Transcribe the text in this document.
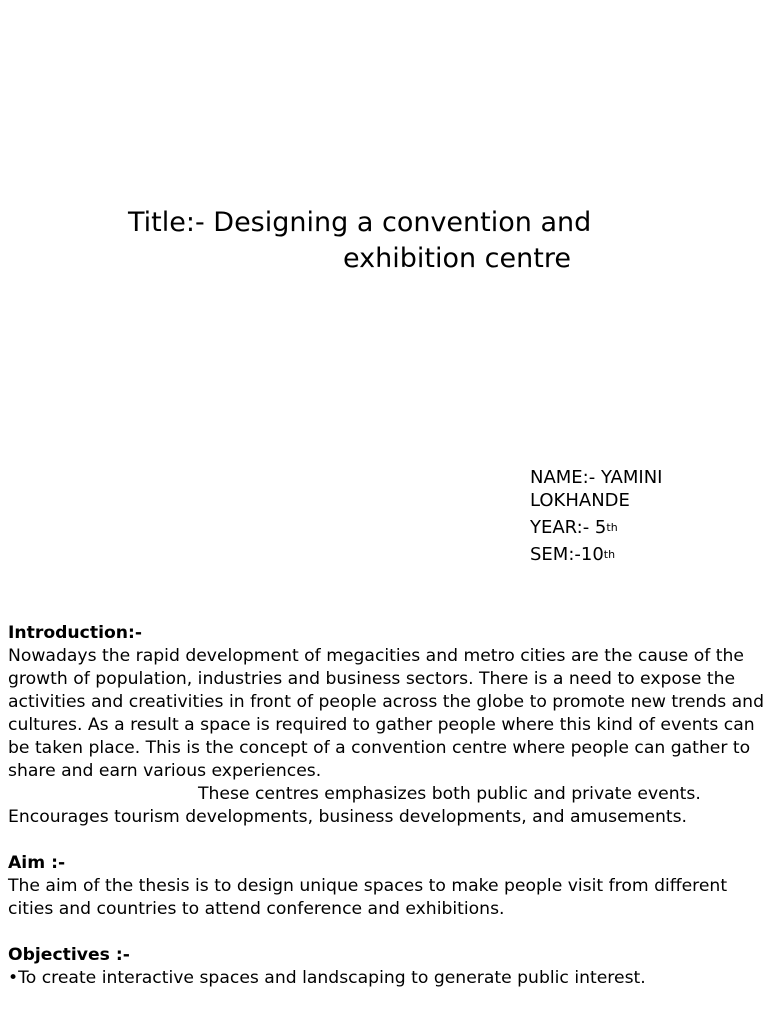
Title:- Designing a convention and
exhibition centre
NAME:- YAMINI
LOKHANDE
YEAR:- 5th
SEM:-10th
Introduction:-
Nowadays the rapid development of megacities and metro cities are the cause of the growth of population, industries and business sectors. There is a need to expose the activities and creativities in front of people across the globe to promote new trends and cultures. As a result a space is required to gather people where this kind of events can be taken place. This is the concept of a convention centre where people can gather to share and earn various experiences.
These centres emphasizes both public and private events.
Encourages tourism developments, business developments, and amusements.
Aim :-
The aim of the thesis is to design unique spaces to make people visit from different cities and countries to attend conference and exhibitions.
Objectives :-
•To create interactive spaces and landscaping to generate public interest.
